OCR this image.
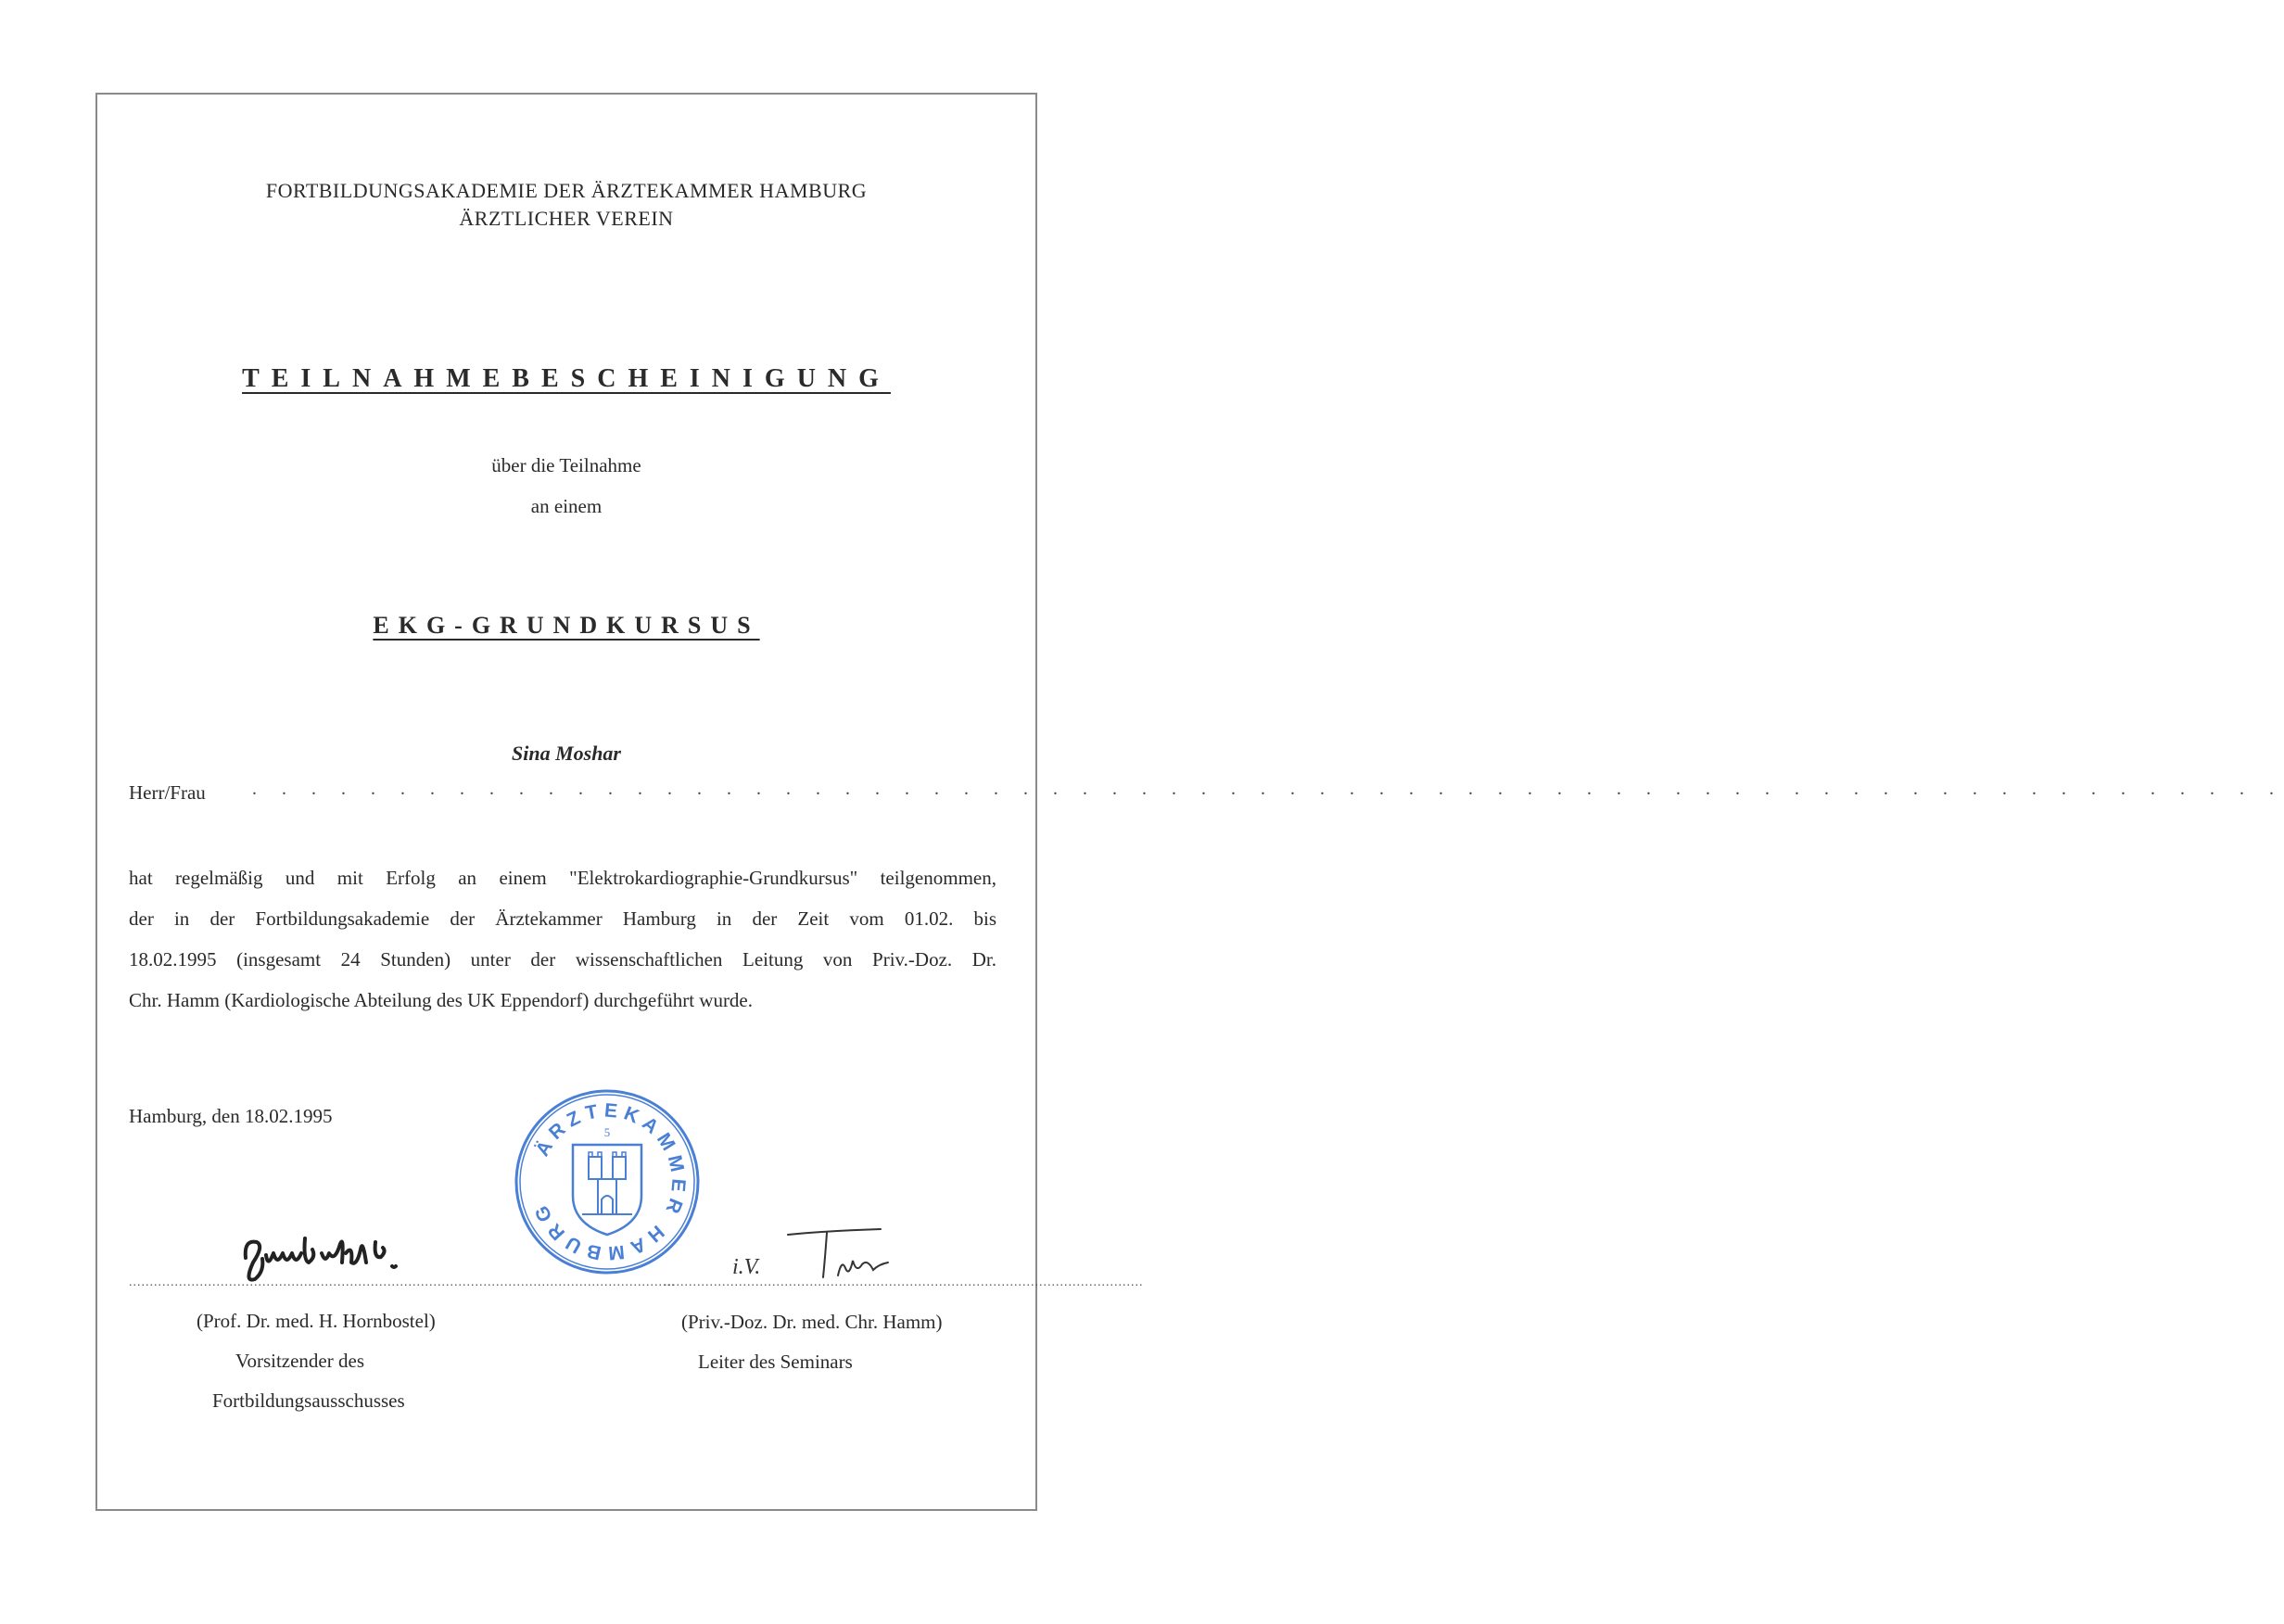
FORTBILDUNGSAKADEMIE DER ÄRZTEKAMMER HAMBURG
ÄRZTLICHER VEREIN
TEILNAHMEBESCHEINIGUNG
über die Teilnahme
an einem
EKG-GRUNDKURSUS
Sina Moshar
Herr/Frau	. . . . . . . . . . . . . . . . . . . . . . . . . . . . . . . . . . . . . . . . . . . . . . . . . . . . . . . . . . . . . . . . . . . . .
hat regelmäßig und mit Erfolg an einem "Elektrokardiographie-Grundkursus" teilgenommen,
der in der Fortbildungsakademie der Ärztekammer Hamburg in der Zeit vom 01.02. bis
18.02.1995 (insgesamt 24 Stunden) unter der wissenschaftlichen Leitung von Priv.-Doz. Dr.
Chr. Hamm (Kardiologische Abteilung des UK Eppendorf) durchgeführt wurde.
Hamburg, den 18.02.1995
5
ÄRZTEKAMMER HAMBURG
...................................................................................................................................
i.V.
...................................................................................................................
(Prof. Dr. med. H. Hornbostel)
Vorsitzender des
Fortbildungsausschusses
(Priv.-Doz. Dr. med. Chr. Hamm)
Leiter des Seminars
